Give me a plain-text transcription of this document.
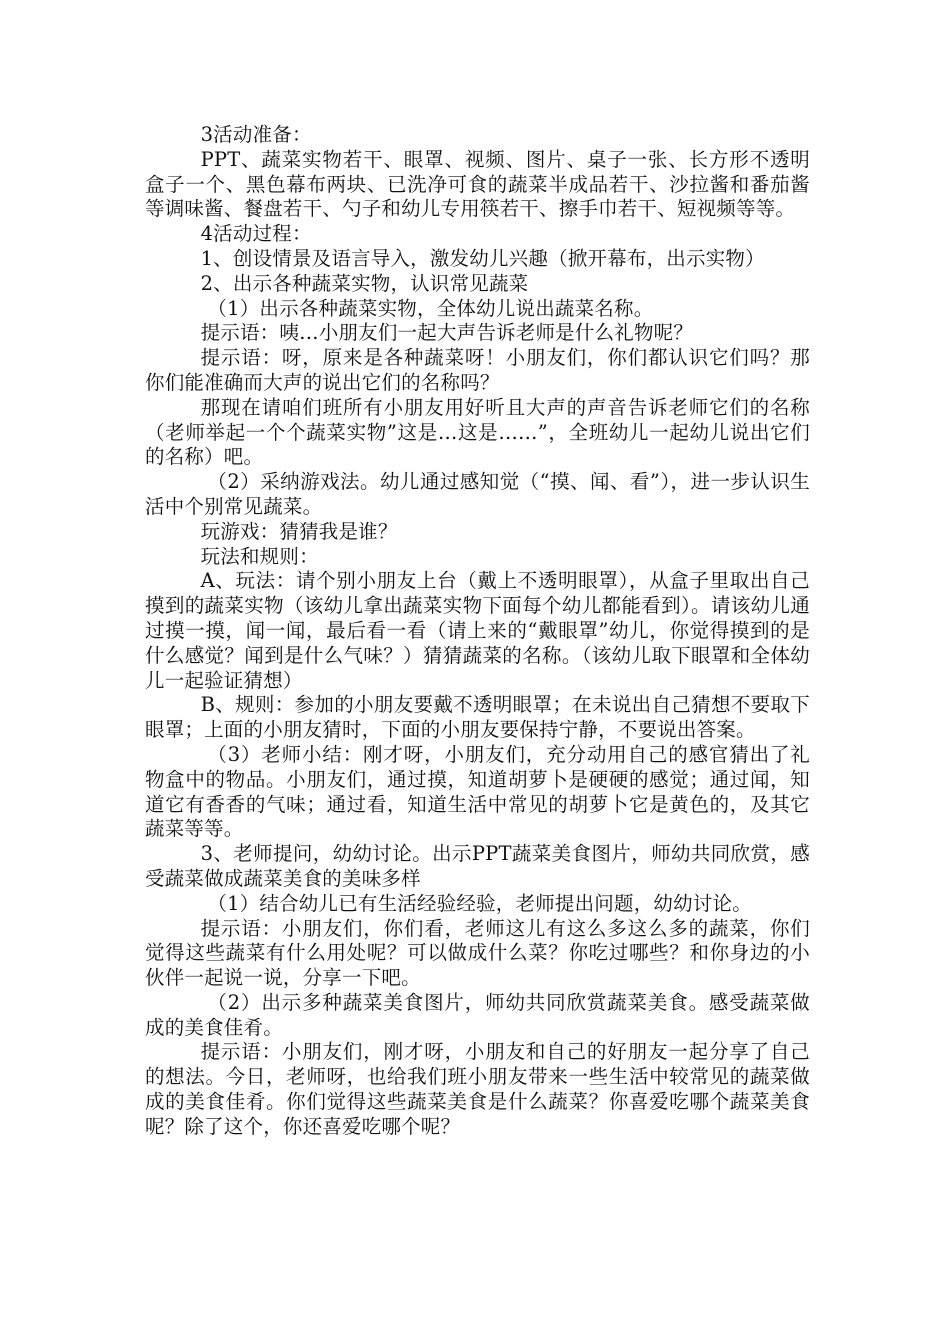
3活动准备：

PPT、蔬菜实物若干、眼罩、视频、图片、桌子一张、长方形不透明盒子一个、黑色幕布两块、已洗净可食的蔬菜半成品若干、沙拉酱和番茄酱等调味酱、餐盘若干、勺子和幼儿专用筷若干、擦手巾若干、短视频等等。

4活动过程：

1、创设情景及语言导入，激发幼儿兴趣（掀开幕布，出示实物）

2、出示各种蔬菜实物，认识常见蔬菜

（1）出示各种蔬菜实物，全体幼儿说出蔬菜名称。

提示语：咦…小朋友们一起大声告诉老师是什么礼物呢？

提示语：呀，原来是各种蔬菜呀！小朋友们，你们都认识它们吗？那你们能准确而大声的说出它们的名称吗？

那现在请咱们班所有小朋友用好听且大声的声音告诉老师它们的名称（老师举起一个个蔬菜实物”这是…这是……”，全班幼儿一起幼儿说出它们的名称）吧。

（2）采纳游戏法。幼儿通过感知觉（“摸、闻、看”），进一步认识生活中个别常见蔬菜。

玩游戏：猜猜我是谁？

玩法和规则：

A、玩法：请个别小朋友上台（戴上不透明眼罩），从盒子里取出自己摸到的蔬菜实物（该幼儿拿出蔬菜实物下面每个幼儿都能看到）。请该幼儿通过摸一摸，闻一闻，最后看一看（请上来的“戴眼罩”幼儿，你觉得摸到的是什么感觉？闻到是什么气味？）猜猜蔬菜的名称。（该幼儿取下眼罩和全体幼儿一起验证猜想）

B、规则：参加的小朋友要戴不透明眼罩；在未说出自己猜想不要取下眼罩；上面的小朋友猜时，下面的小朋友要保持宁静，不要说出答案。

（3）老师小结：刚才呀，小朋友们，充分动用自己的感官猜出了礼物盒中的物品。小朋友们，通过摸，知道胡萝卜是硬硬的感觉；通过闻，知道它有香香的气味；通过看，知道生活中常见的胡萝卜它是黄色的，及其它蔬菜等等。

3、老师提问，幼幼讨论。出示PPT蔬菜美食图片，师幼共同欣赏，感受蔬菜做成蔬菜美食的美味多样

（1）结合幼儿已有生活经验经验，老师提出问题，幼幼讨论。

提示语：小朋友们，你们看，老师这儿有这么多这么多的蔬菜，你们觉得这些蔬菜有什么用处呢？可以做成什么菜？你吃过哪些？和你身边的小伙伴一起说一说，分享一下吧。

（2）出示多种蔬菜美食图片，师幼共同欣赏蔬菜美食。感受蔬菜做成的美食佳肴。

提示语：小朋友们，刚才呀，小朋友和自己的好朋友一起分享了自己的想法。今日，老师呀，也给我们班小朋友带来一些生活中较常见的蔬菜做成的美食佳肴。你们觉得这些蔬菜美食是什么蔬菜？你喜爱吃哪个蔬菜美食呢？除了这个，你还喜爱吃哪个呢？
